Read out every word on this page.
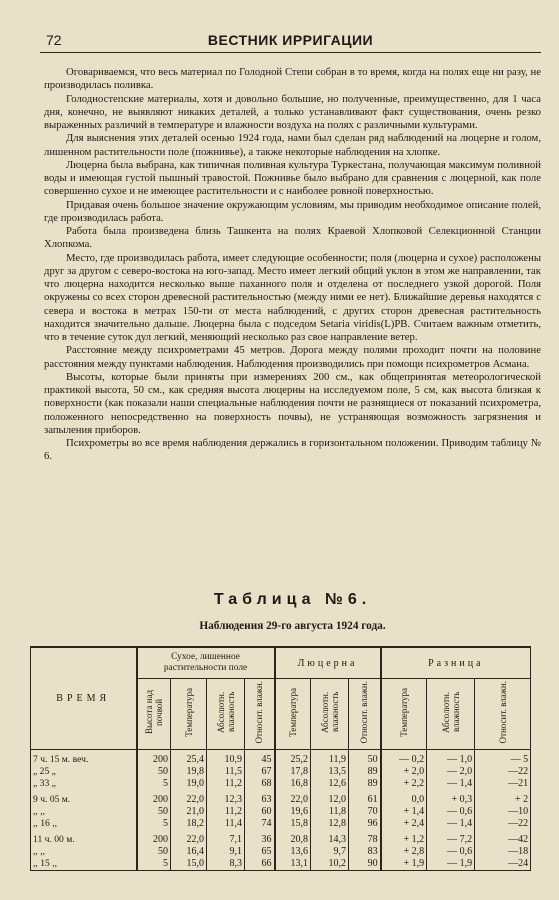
72	ВЕСТНИК ИРРИГАЦИИ

Оговариваемся, что весь материал по Голодной Степи собран в то время, когда на полях еще ни разу, не производилась поливка.

Голодностепские материалы, хотя и довольно большие, но полученные, преимущественно, для 1 часа дня, конечно, не выявляют никаких деталей, а только устанавливают факт существования, очень резко выраженных различий в температуре и влажности воздуха на полях с различными культурами.

Для выяснения этих деталей осенью 1924 года, нами был сделан ряд наблюдений на люцерне и голом, лишенном растительности поле (пожнивье), а также некоторые наблюдения на хлопке.

Люцерна была выбрана, как типичная поливная культура Туркестана, получающая максимум поливной воды и имеющая густой пышный травостой. Пожнивье было выбрано для сравнения с люцерной, как поле совершенно сухое и не имеющее растительности и с наиболее ровной поверхностью.

Придавая очень большое значение окружающим условиям, мы приводим необходимое описание полей, где производилась работа.

Работа была произведена близь Ташкента на полях Краевой Хлопковой Селекционной Станции Хлопкома.

Место, где производилась работа, имеет следующие особенности; поля (люцерна и сухое) расположены друг за другом с северо-востока на юго-запад. Место имеет легкий общий уклон в этом же направлении, так что люцерна находится несколько выше паханного поля и отделена от последнего узкой дорогой. Поля окружены со всех сторон древесной растительностью (между ними ее нет). Ближайшие деревья находятся с севера и востока в метрах 150-ти от места наблюдений, с других сторон древесная растительность находится значительно дальше. Люцерна была с подседом Setaria viridis(L)PB. Считаем важным отметить, что в течение суток дул легкий, меняющий несколько раз свое направление ветер.

Расстояние между психрометрами 45 метров. Дорога между полями проходит почти на половине расстояния между пунктами наблюдения. Наблюдения производились при помощи психрометров Асмана.

Высоты, которые были приняты при измерениях 200 см., как общепринятая метеорологической практикой высота, 50 см., как средняя высота люцерны на исследуемом поле, 5 см, как высота близкая к поверхности (как показали наши специальные наблюдения почти не разнящиеся от показаний психрометра, положенного непосредственно на поверхность почвы), не устраняющая возможность загрязнения и запыления приборов.

Психрометры во все время наблюдения держались в горизонтальном положении. Приводим таблицу № 6.

Таблица №6.
Наблюдения 29-го августа 1924 года.
ВРЕМЯ	Сухое, лишенное растительности поле				Люцерна			Разница		
	Высота над почвой	Температура	Абсолютн. влажность	Относит. влажн.	Температура	Абсолютн. влажность	Относит. влажн.	Температура	Абсолютн. влажность	Относит. влажн.
7 ч. 15 м. веч.	200	25,4	10,9	45	25,2	11,9	50	— 0,2	— 1,0	— 5
„ 25 „	50	19,8	11,5	67	17,8	13,5	89	+ 2,0	— 2,0	—22
„ 33 „	5	19,0	11,2	68	16,8	12,6	89	+ 2,2	— 1,4	—21
9 ч. 05 м.	200	22,0	12,3	63	22,0	12,0	61	0,0	+ 0,3	+ 2
,, ,,	50	21,0	11,2	60	19,6	11,8	70	+ 1,4	— 0,6	—10
,, 16 ,,	5	18,2	11,4	74	15,8	12,8	96	+ 2,4	— 1,4	—22
11 ч. 00 м.	200	22,0	7,1	36	20,8	14,3	78	+ 1,2	— 7,2	—42
,, ,,	50	16,4	9,1	65	13,6	9,7	83	+ 2,8	— 0,6	—18
,, 15 ,,	5	15,0	8,3	66	13,1	10,2	90	+ 1,9	— 1,9	—24
